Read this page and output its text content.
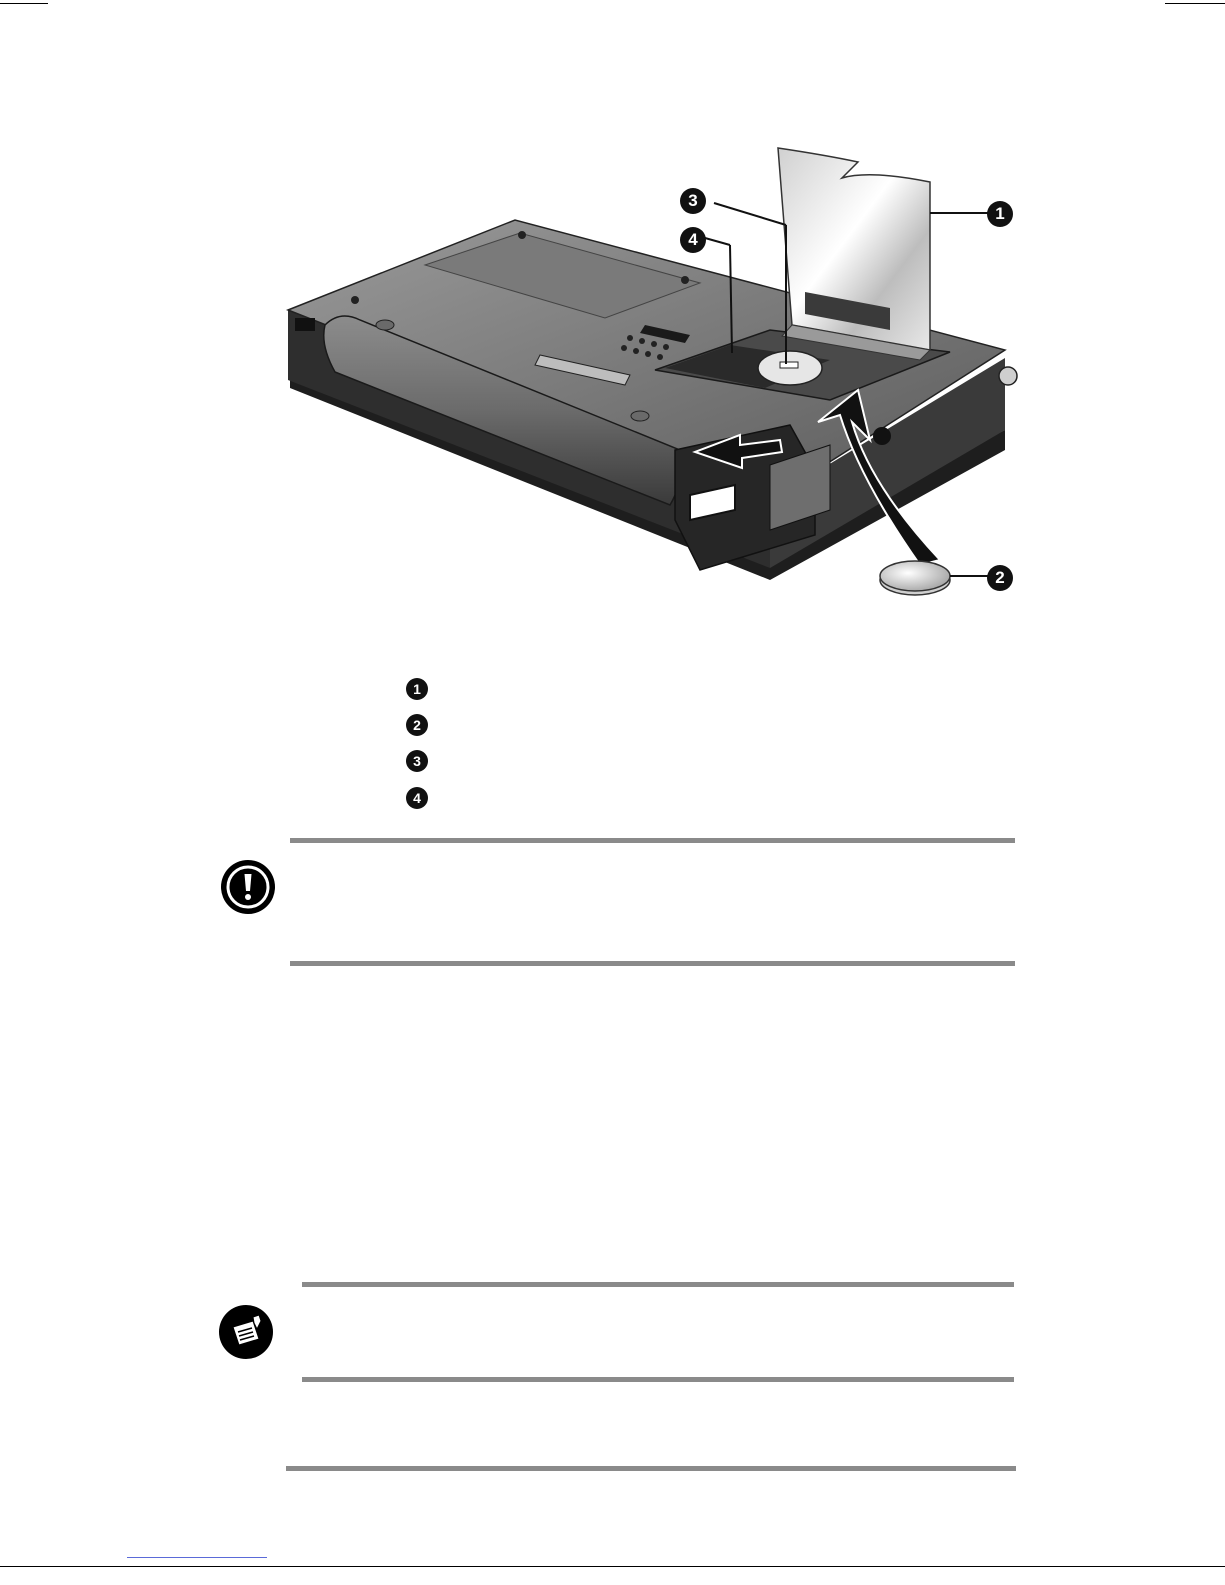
1
2
3
4
1
2
3
4
